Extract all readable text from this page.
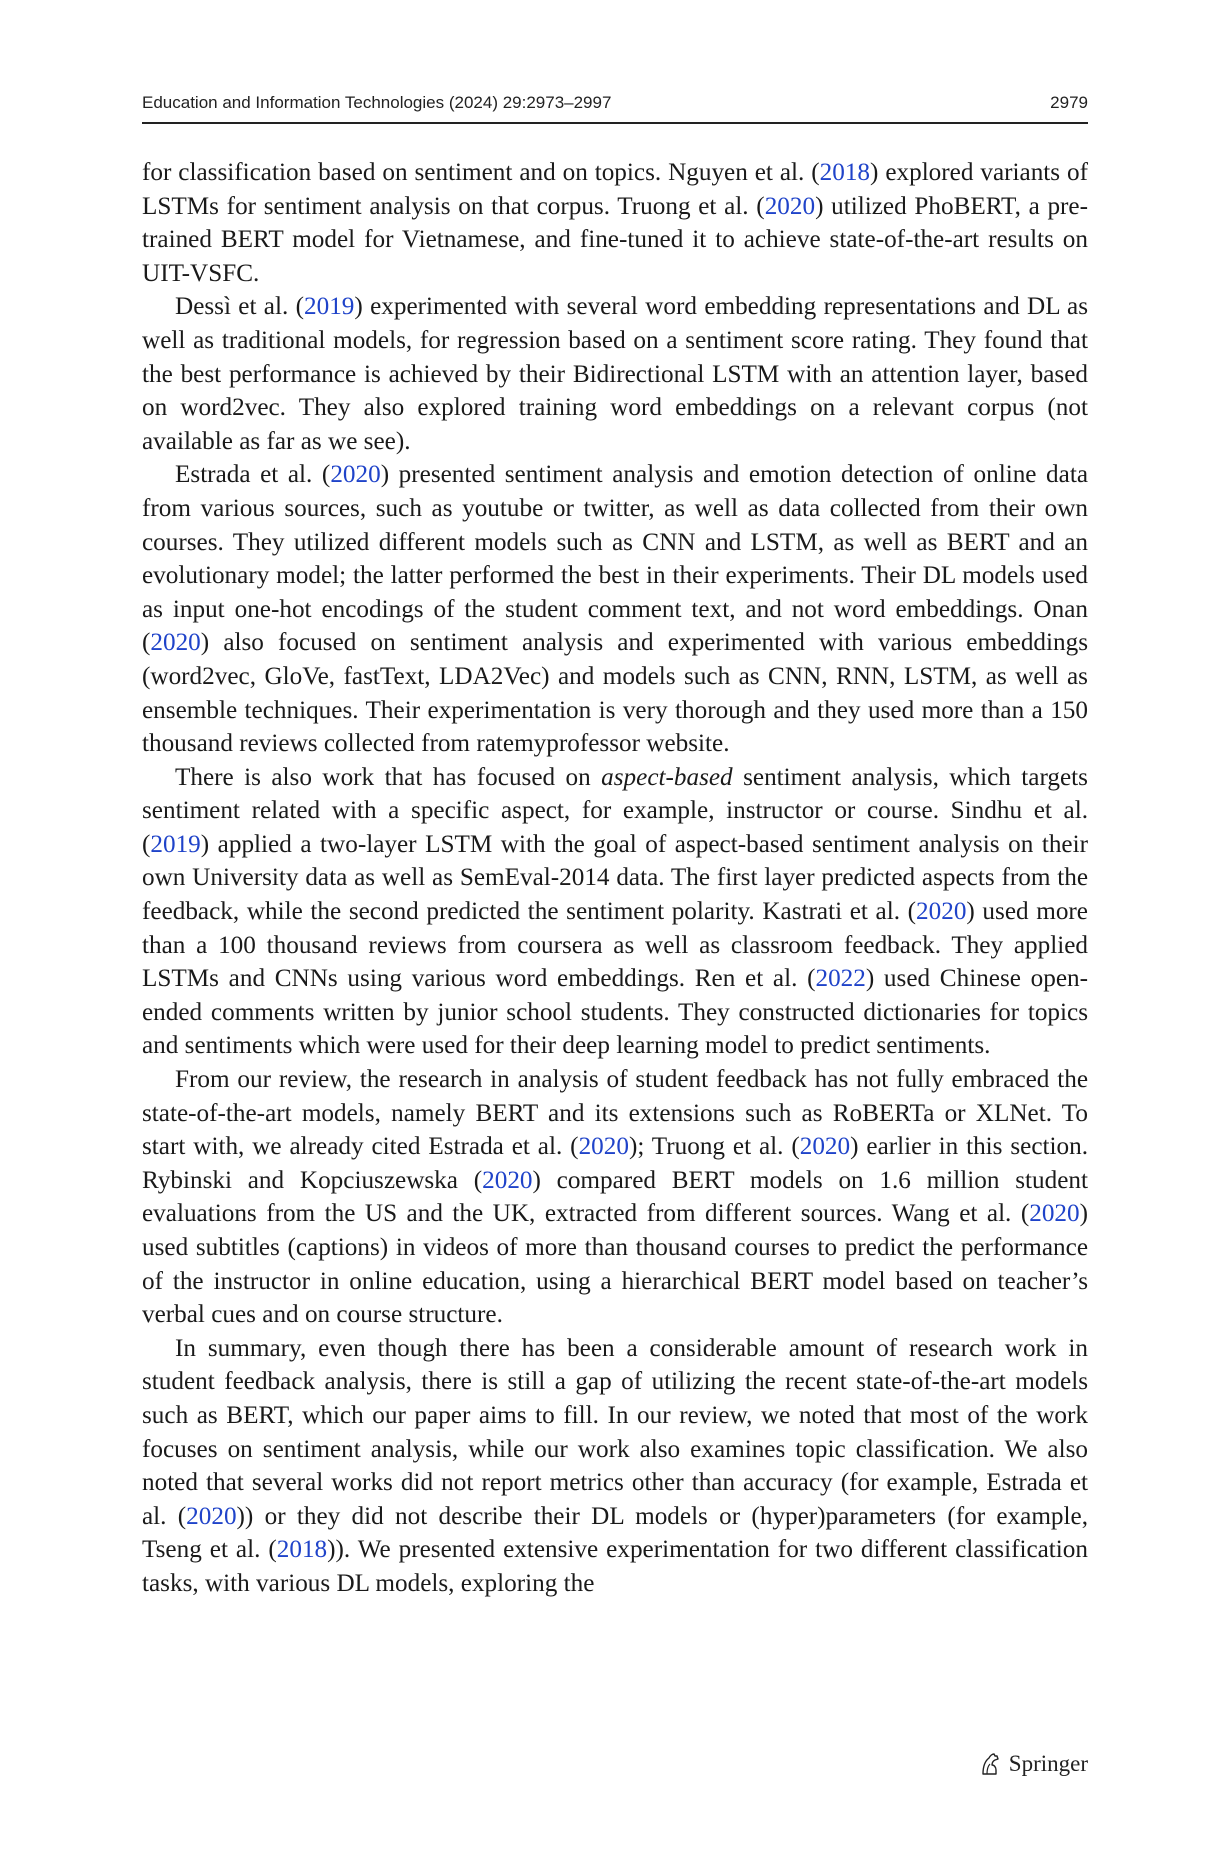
Education and Information Technologies (2024) 29:2973–2997	2979

for classification based on sentiment and on topics. Nguyen et al. (2018) explored variants of LSTMs for sentiment analysis on that corpus. Truong et al. (2020) utilized PhoBERT, a pre-trained BERT model for Vietnamese, and fine-tuned it to achieve state-of-the-art results on UIT-VSFC.

Dessì et al. (2019) experimented with several word embedding representations and DL as well as traditional models, for regression based on a sentiment score rating. They found that the best performance is achieved by their Bidirectional LSTM with an attention layer, based on word2vec. They also explored training word embeddings on a relevant corpus (not available as far as we see).

Estrada et al. (2020) presented sentiment analysis and emotion detection of online data from various sources, such as youtube or twitter, as well as data collected from their own courses. They utilized different models such as CNN and LSTM, as well as BERT and an evolutionary model; the latter performed the best in their experiments. Their DL models used as input one-hot encodings of the student comment text, and not word embeddings. Onan (2020) also focused on sentiment analysis and experimented with various embeddings (word2vec, GloVe, fastText, LDA2Vec) and models such as CNN, RNN, LSTM, as well as ensemble techniques. Their experimentation is very thorough and they used more than a 150 thousand reviews collected from ratemyprofessor website.

There is also work that has focused on aspect-based sentiment analysis, which targets sentiment related with a specific aspect, for example, instructor or course. Sindhu et al. (2019) applied a two-layer LSTM with the goal of aspect-based sentiment analysis on their own University data as well as SemEval-2014 data. The first layer predicted aspects from the feedback, while the second predicted the sentiment polarity. Kastrati et al. (2020) used more than a 100 thousand reviews from coursera as well as classroom feedback. They applied LSTMs and CNNs using various word embeddings. Ren et al. (2022) used Chinese open-ended comments written by junior school students. They constructed dictionaries for topics and sentiments which were used for their deep learning model to predict sentiments.

From our review, the research in analysis of student feedback has not fully embraced the state-of-the-art models, namely BERT and its extensions such as RoBERTa or XLNet. To start with, we already cited Estrada et al. (2020); Truong et al. (2020) earlier in this section. Rybinski and Kopciuszewska (2020) compared BERT models on 1.6 million student evaluations from the US and the UK, extracted from different sources. Wang et al. (2020) used subtitles (captions) in videos of more than thousand courses to predict the performance of the instructor in online education, using a hierarchical BERT model based on teacher’s verbal cues and on course structure.

In summary, even though there has been a considerable amount of research work in student feedback analysis, there is still a gap of utilizing the recent state-of-the-art models such as BERT, which our paper aims to fill. In our review, we noted that most of the work focuses on sentiment analysis, while our work also examines topic classification. We also noted that several works did not report metrics other than accuracy (for example, Estrada et al. (2020)) or they did not describe their DL models or (hyper)parameters (for example, Tseng et al. (2018)). We presented extensive experimentation for two different classification tasks, with various DL models, exploring the

Springer
